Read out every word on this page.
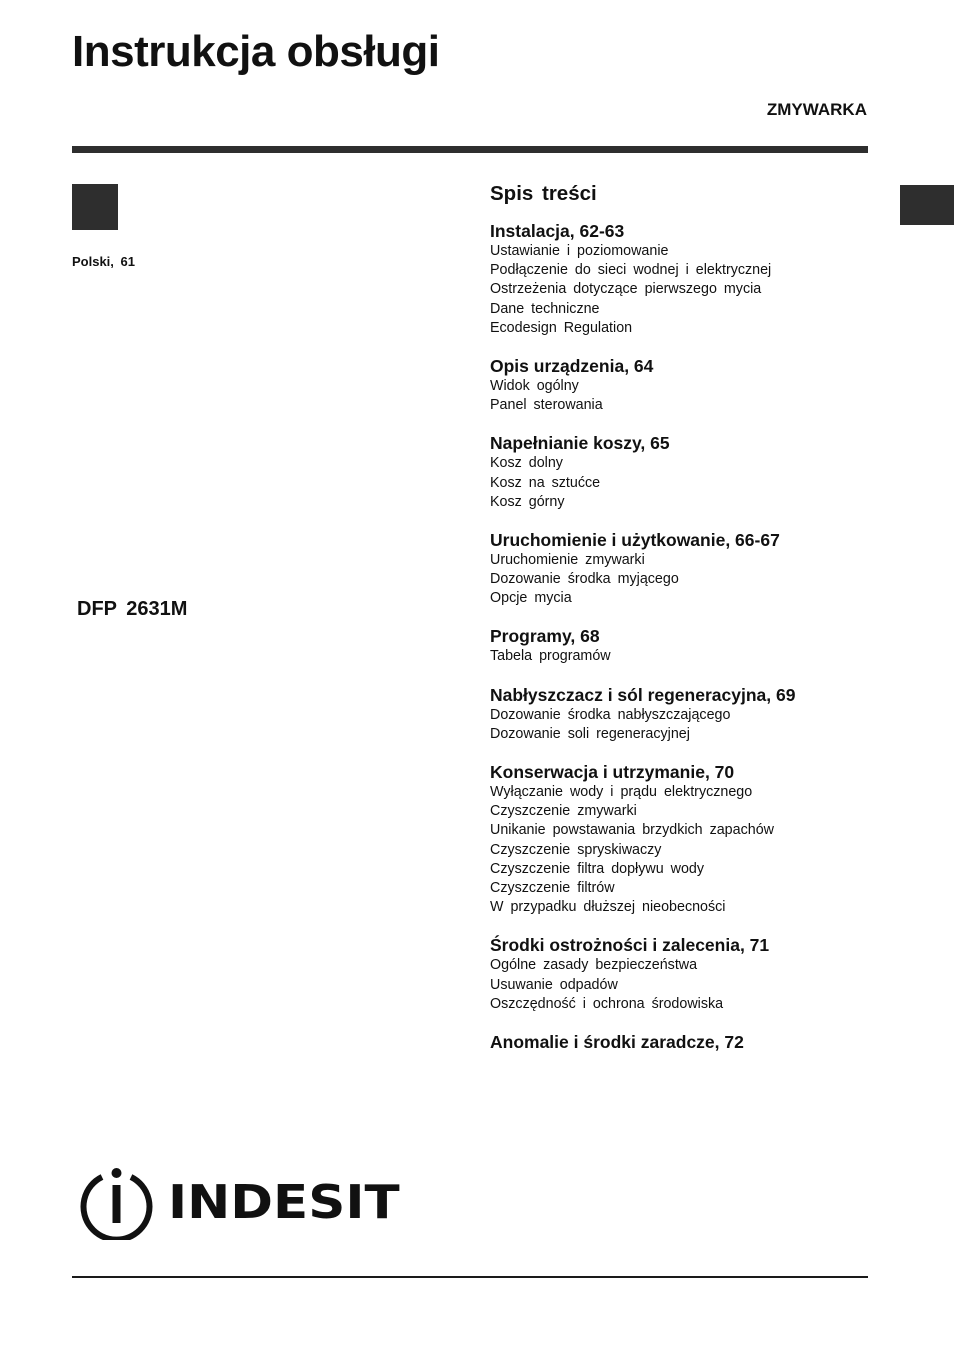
Instrukcja obsługi
ZMYWARKA
Polski, 61
DFP 2631M
Spis treści
Instalacja, 62-63
Ustawianie i poziomowanie
Podłączenie do sieci wodnej i elektrycznej
Ostrzeżenia dotyczące pierwszego mycia
Dane techniczne
Ecodesign Regulation
Opis urządzenia, 64
Widok ogólny
Panel sterowania
Napełnianie koszy, 65
Kosz dolny
Kosz na sztućce
Kosz górny
Uruchomienie i użytkowanie, 66-67
Uruchomienie zmywarki
Dozowanie środka myjącego
Opcje mycia
Programy, 68
Tabela programów
Nabłyszczacz i sól regeneracyjna, 69
Dozowanie środka nabłyszczającego
Dozowanie soli regeneracyjnej
Konserwacja i utrzymanie, 70
Wyłączanie wody i prądu elektrycznego
Czyszczenie zmywarki
Unikanie powstawania brzydkich zapachów
Czyszczenie spryskiwaczy
Czyszczenie filtra dopływu wody
Czyszczenie filtrów
W przypadku dłuższej nieobecności
Środki ostrożności i zalecenia, 71
Ogólne zasady bezpieczeństwa
Usuwanie odpadów
Oszczędność i ochrona środowiska
Anomalie i środki zaradcze, 72
INDESIT
